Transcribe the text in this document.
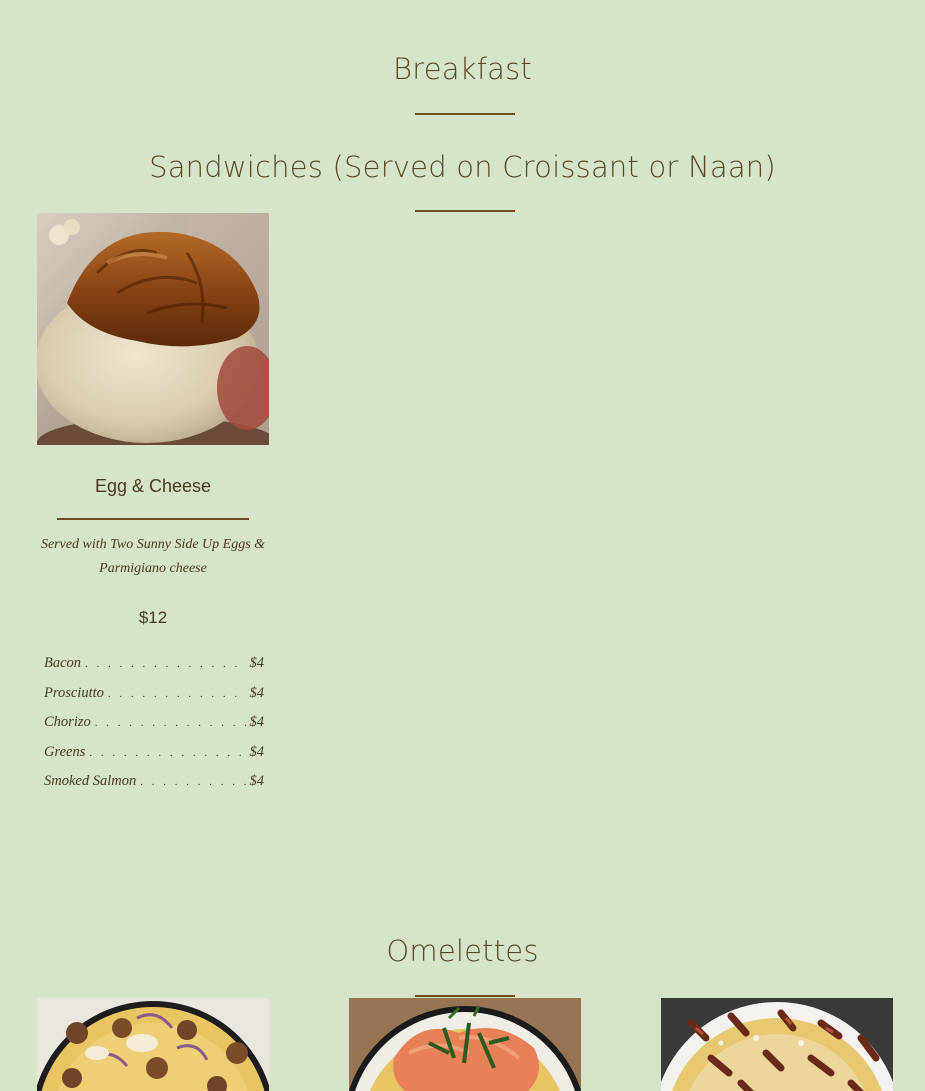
Breakfast
Sandwiches (Served on Croissant or Naan)
Egg & Cheese
Served with Two Sunny Side Up Eggs & Parmigiano cheese
$12
Bacon . . .	$4
Prosciutto . . .	$4
Chorizo . . .	$4
Greens . . .	$4
Smoked Salmon . . .	$4
Omelettes
